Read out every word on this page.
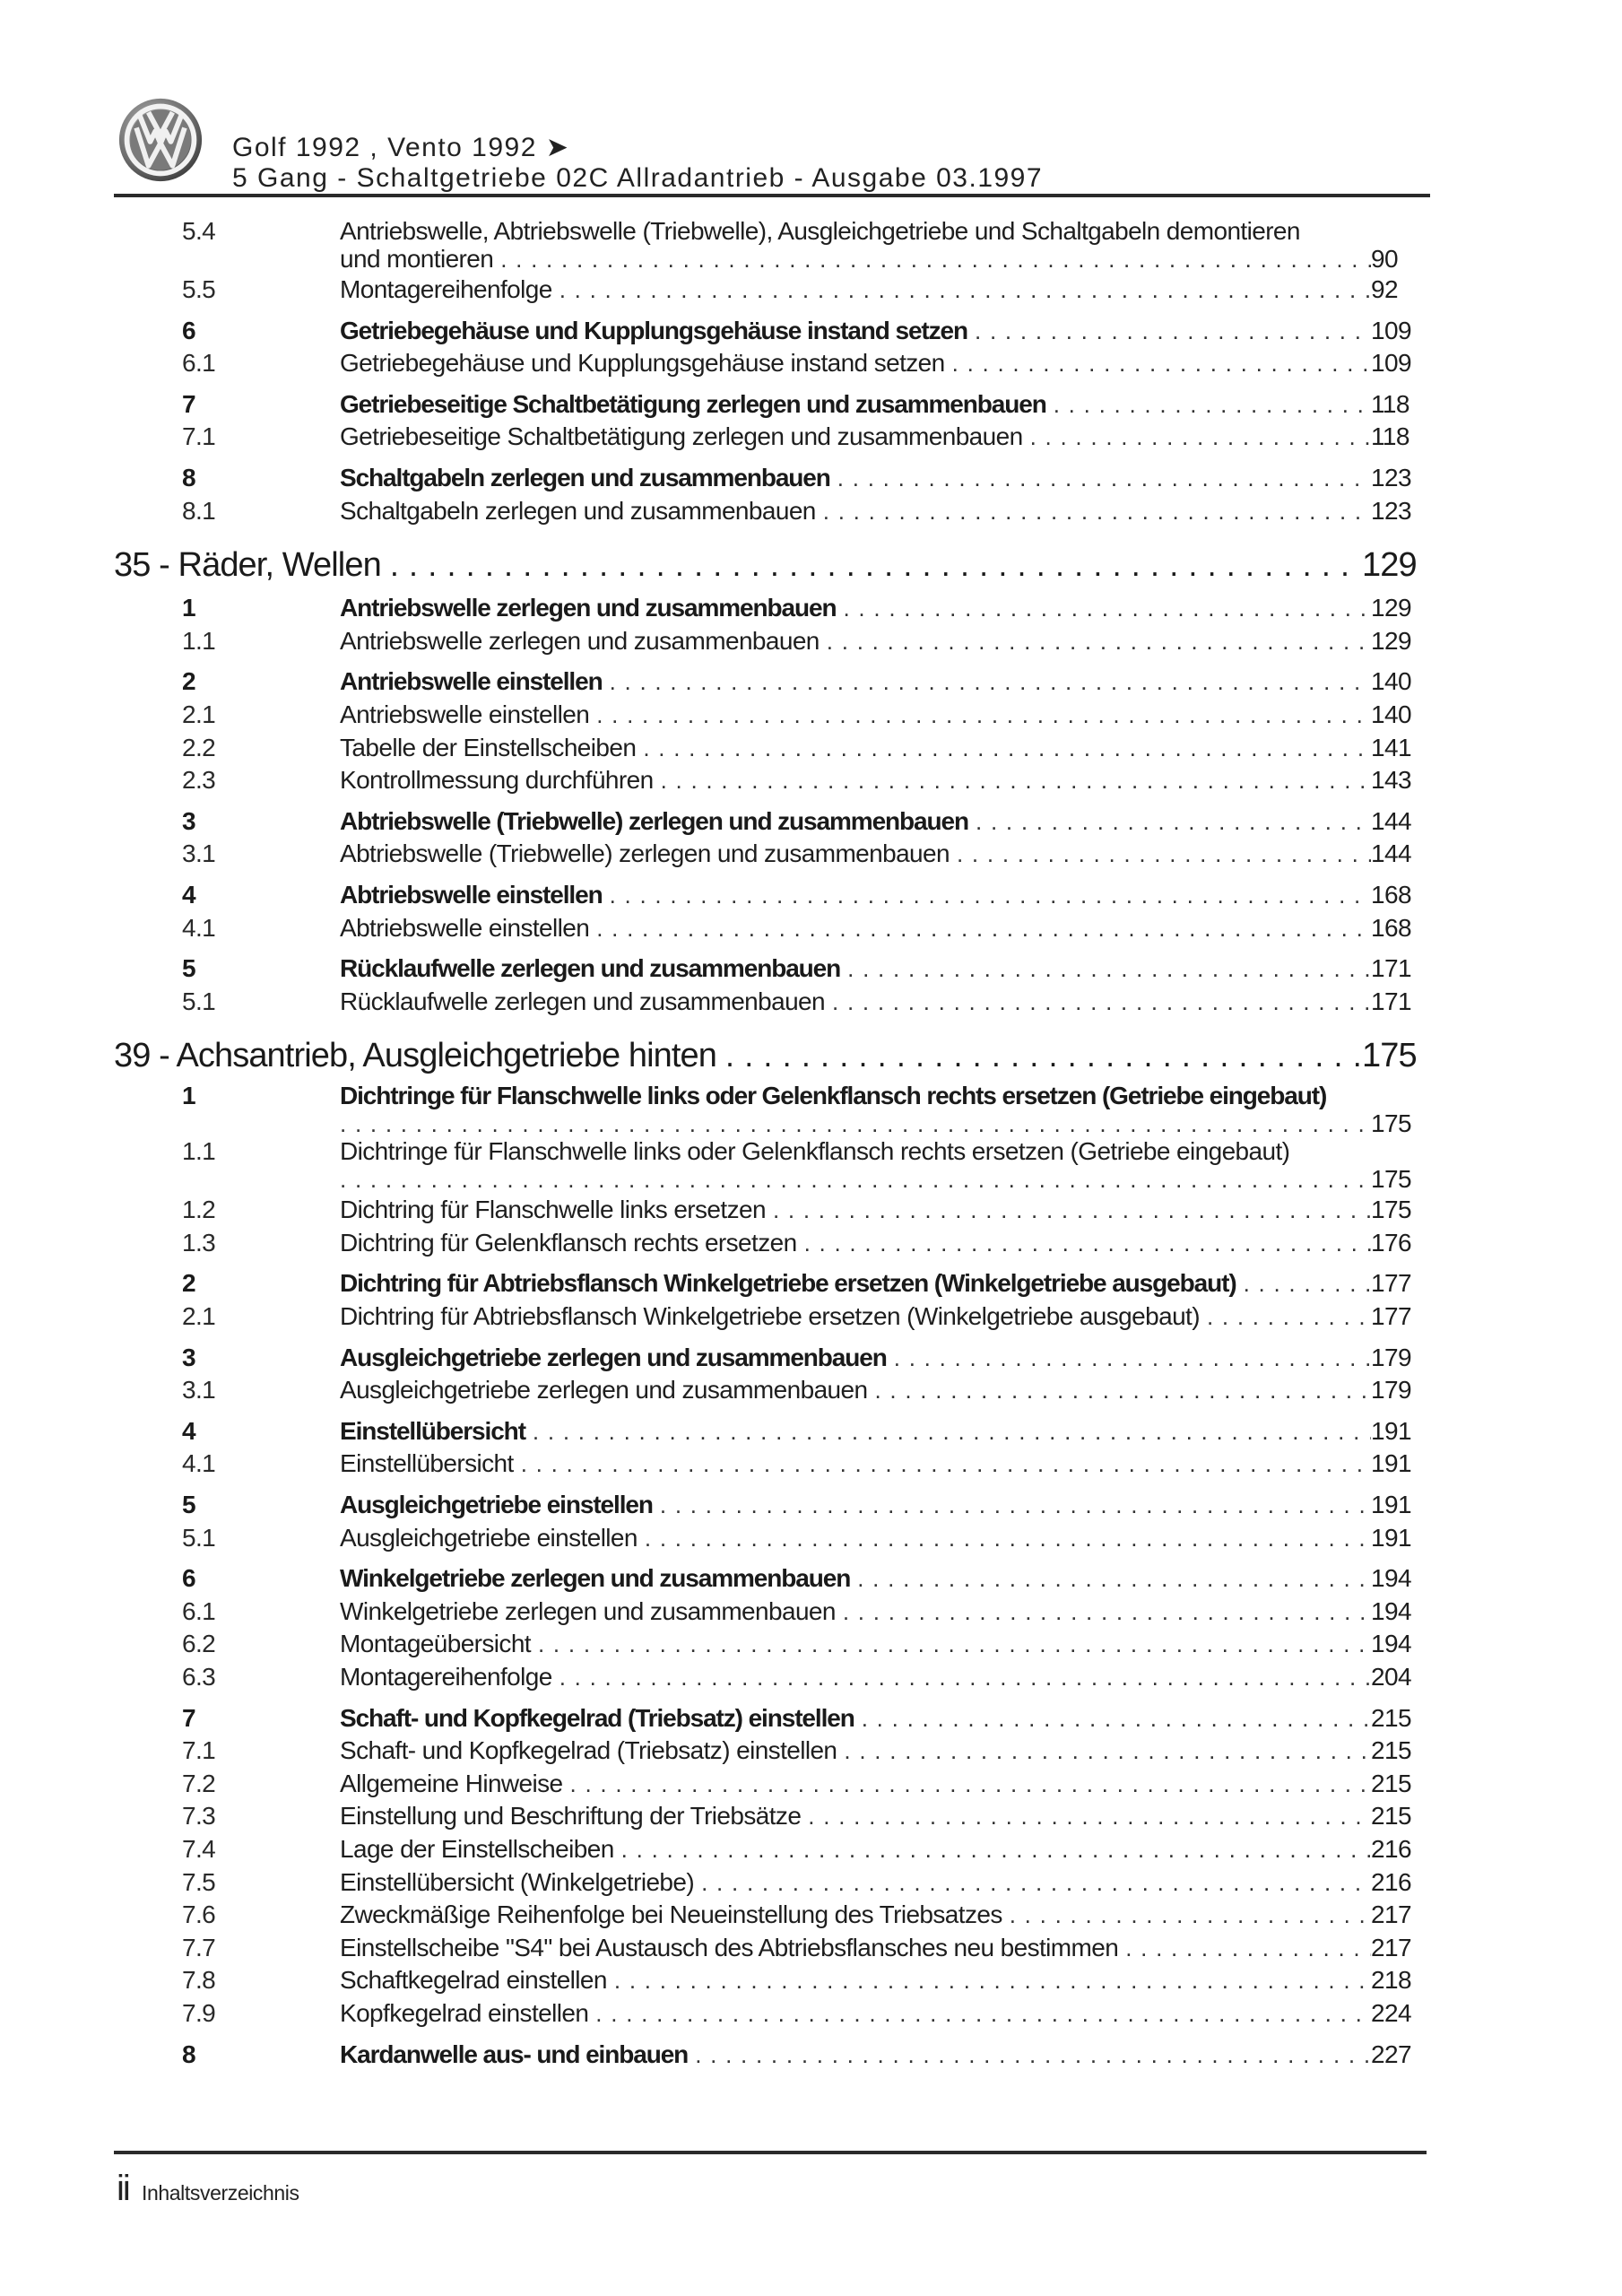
Golf 1992 , Vento 1992 ➤
5 Gang - Schaltgetriebe 02C Allradantrieb - Ausgabe 03.1997
5.4	Antriebswelle, Abtriebswelle (Triebwelle), Ausgleichgetriebe und Schaltgabeln demontieren
und montieren . . .	90
5.5	Montagereihenfolge . . .	92
6	Getriebegehäuse und Kupplungsgehäuse instand setzen . . .	109
6.1	Getriebegehäuse und Kupplungsgehäuse instand setzen . . .	109
7	Getriebeseitige Schaltbetätigung zerlegen und zusammenbauen . . .	118
7.1	Getriebeseitige Schaltbetätigung zerlegen und zusammenbauen . . .	118
8	Schaltgabeln zerlegen und zusammenbauen . . .	123
8.1	Schaltgabeln zerlegen und zusammenbauen . . .	123
35 - Räder, Wellen . . .	129
1	Antriebswelle zerlegen und zusammenbauen . . .	129
1.1	Antriebswelle zerlegen und zusammenbauen . . .	129
2	Antriebswelle einstellen . . .	140
2.1	Antriebswelle einstellen . . .	140
2.2	Tabelle der Einstellscheiben . . .	141
2.3	Kontrollmessung durchführen . . .	143
3	Abtriebswelle (Triebwelle) zerlegen und zusammenbauen . . .	144
3.1	Abtriebswelle (Triebwelle) zerlegen und zusammenbauen . . .	144
4	Abtriebswelle einstellen . . .	168
4.1	Abtriebswelle einstellen . . .	168
5	Rücklaufwelle zerlegen und zusammenbauen . . .	171
5.1	Rücklaufwelle zerlegen und zusammenbauen . . .	171
39 - Achsantrieb, Ausgleichgetriebe hinten . . .	175
1	Dichtringe für Flanschwelle links oder Gelenkflansch rechts ersetzen (Getriebe eingebaut)
. . .
175
1.1	Dichtringe für Flanschwelle links oder Gelenkflansch rechts ersetzen (Getriebe eingebaut)
. . .
175
1.2	Dichtring für Flanschwelle links ersetzen . . .	175
1.3	Dichtring für Gelenkflansch rechts ersetzen . . .	176
2	Dichtring für Abtriebsflansch Winkelgetriebe ersetzen (Winkelgetriebe ausgebaut) . . .	177
2.1	Dichtring für Abtriebsflansch Winkelgetriebe ersetzen (Winkelgetriebe ausgebaut) . . .	177
3	Ausgleichgetriebe zerlegen und zusammenbauen . . .	179
3.1	Ausgleichgetriebe zerlegen und zusammenbauen . . .	179
4	Einstellübersicht . . .	191
4.1	Einstellübersicht . . .	191
5	Ausgleichgetriebe einstellen . . .	191
5.1	Ausgleichgetriebe einstellen . . .	191
6	Winkelgetriebe zerlegen und zusammenbauen . . .	194
6.1	Winkelgetriebe zerlegen und zusammenbauen . . .	194
6.2	Montageübersicht . . .	194
6.3	Montagereihenfolge . . .	204
7	Schaft- und Kopfkegelrad (Triebsatz) einstellen . . .	215
7.1	Schaft- und Kopfkegelrad (Triebsatz) einstellen . . .	215
7.2	Allgemeine Hinweise . . .	215
7.3	Einstellung und Beschriftung der Triebsätze . . .	215
7.4	Lage der Einstellscheiben . . .	216
7.5	Einstellübersicht (Winkelgetriebe) . . .	216
7.6	Zweckmäßige Reihenfolge bei Neueinstellung des Triebsatzes . . .	217
7.7	Einstellscheibe "S4" bei Austausch des Abtriebsflansches neu bestimmen . . .	217
7.8	Schaftkegelrad einstellen . . .	218
7.9	Kopfkegelrad einstellen . . .	224
8	Kardanwelle aus- und einbauen . . .	227
ii Inhaltsverzeichnis
